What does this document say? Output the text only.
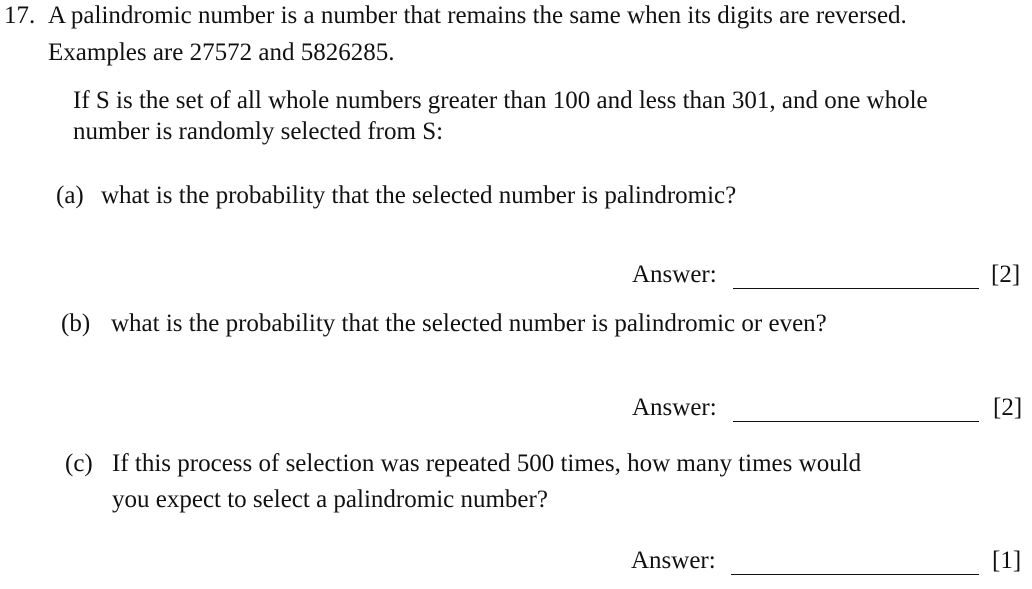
17. A palindromic number is a number that remains the same when its digits are reversed.
Examples are 27572 and 5826285.
If S is the set of all whole numbers greater than 100 and less than 301, and one whole
number is randomly selected from S:
(a) what is the probability that the selected number is palindromic?
Answer:	[2]
(b) what is the probability that the selected number is palindromic or even?
Answer:	[2]
(c) If this process of selection was repeated 500 times, how many times would
you expect to select a palindromic number?
Answer:	[1]
